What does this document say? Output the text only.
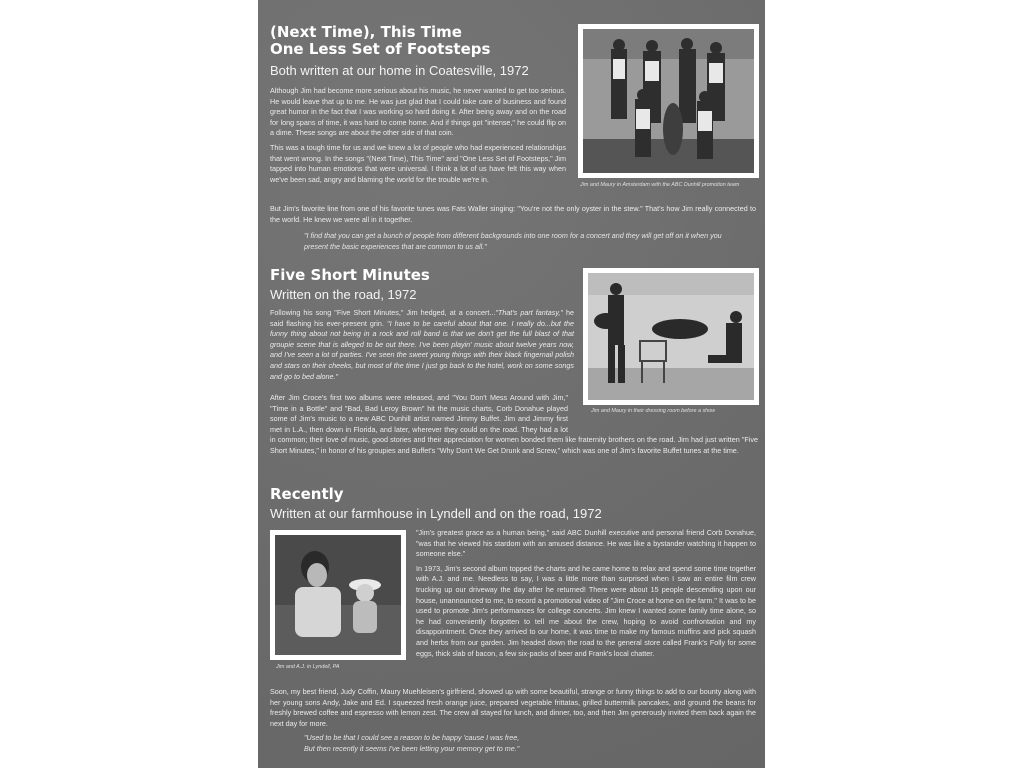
(Next Time), This Time
One Less Set of Footsteps

Both written at our home in Coatesville, 1972

Although Jim had become more serious about his music, he never wanted to get too serious. He would leave that up to me. He was just glad that I could take care of business and found great humor in the fact that I was working so hard doing it. After being away and on the road for long spans of time, it was hard to come home. And if things got "intense," he could flip on a dime. These songs are about the other side of that coin.

This was a tough time for us and we knew a lot of people who had experienced relationships that went wrong. In the songs "(Next Time), This Time" and "One Less Set of Footsteps," Jim tapped into human emotions that were universal. I think a lot of us have felt this way when we've been sad, angry and blaming the world for the trouble we're in.

But Jim's favorite line from one of his favorite tunes was Fats Waller singing: "You're not the only oyster in the stew." That's how Jim really connected to the world. He knew we were all in it together.

"I find that you can get a bunch of people from different backgrounds into one room for a concert and they will get off on it when you present the basic experiences that are common to us all."

Jim and Maury in Amsterdam with the ABC Dunhill promotion team
Five Short Minutes

Written on the road, 1972

Following his song "Five Short Minutes," Jim hedged, at a concert..."That's part fantasy," he said flashing his ever-present grin. "I have to be careful about that one. I really do...but the funny thing about not being in a rock and roll band is that we don't get the full blast of that groupie scene that is alleged to be out there. I've been playin' music about twelve years now, and I've seen a lot of parties. I've seen the sweet young things with their black fingernail polish and stars on their cheeks, but most of the time I just go back to the hotel, work on some songs and go to bed alone."

After Jim Croce's first two albums were released, and "You Don't Mess Around with Jim," "Time in a Bottle" and "Bad, Bad Leroy Brown" hit the music charts, Corb Donahue played some of Jim's music to a new ABC Dunhill artist named Jimmy Buffet. Jim and Jimmy first met in L.A., then down in Florida, and later, wherever they could on the road. They had a lot in common; their love of music, good stories and their appreciation for women bonded them like fraternity brothers on the road. Jim had just written "Five Short Minutes," in honor of his groupies and Buffet's "Why Don't We Get Drunk and Screw," which was one of Jim's favorite Buffet tunes at the time.

Jim and Maury in their dressing room before a show
Recently

Written at our farmhouse in Lyndell and on the road, 1972

Jim and A.J. in Lyndell, PA

"Jim's greatest grace as a human being," said ABC Dunhill executive and personal friend Corb Donahue, "was that he viewed his stardom with an amused distance. He was like a bystander watching it happen to someone else."

In 1973, Jim's second album topped the charts and he came home to relax and spend some time together with A.J. and me. Needless to say, I was a little more than surprised when I saw an entire film crew trucking up our driveway the day after he returned! There were about 15 people descending upon our house, unannounced to me, to record a promotional video of "Jim Croce at home on the farm." It was to be used to promote Jim's performances for college concerts. Jim knew I wanted some family time alone, so he had conveniently forgotten to tell me about the crew, hoping to avoid confrontation and my disappointment. Once they arrived to our home, it was time to make my famous muffins and pick squash and herbs from our garden. Jim headed down the road to the general store called Frank's Folly for some eggs, thick slab of bacon, a few six-packs of beer and Frank's local chatter.

Soon, my best friend, Judy Coffin, Maury Muehleisen's girlfriend, showed up with some beautiful, strange or funny things to add to our bounty along with her young sons Andy, Jake and Ed. I squeezed fresh orange juice, prepared vegetable frittatas, grilled buttermilk pancakes, and ground the beans for freshly brewed coffee and espresso with lemon zest. The crew all stayed for lunch, and dinner, too, and then Jim generously invited them back again the next day for more.

"Used to be that I could see a reason to be happy 'cause I was free,

But then recently it seems I've been letting your memory get to me."
